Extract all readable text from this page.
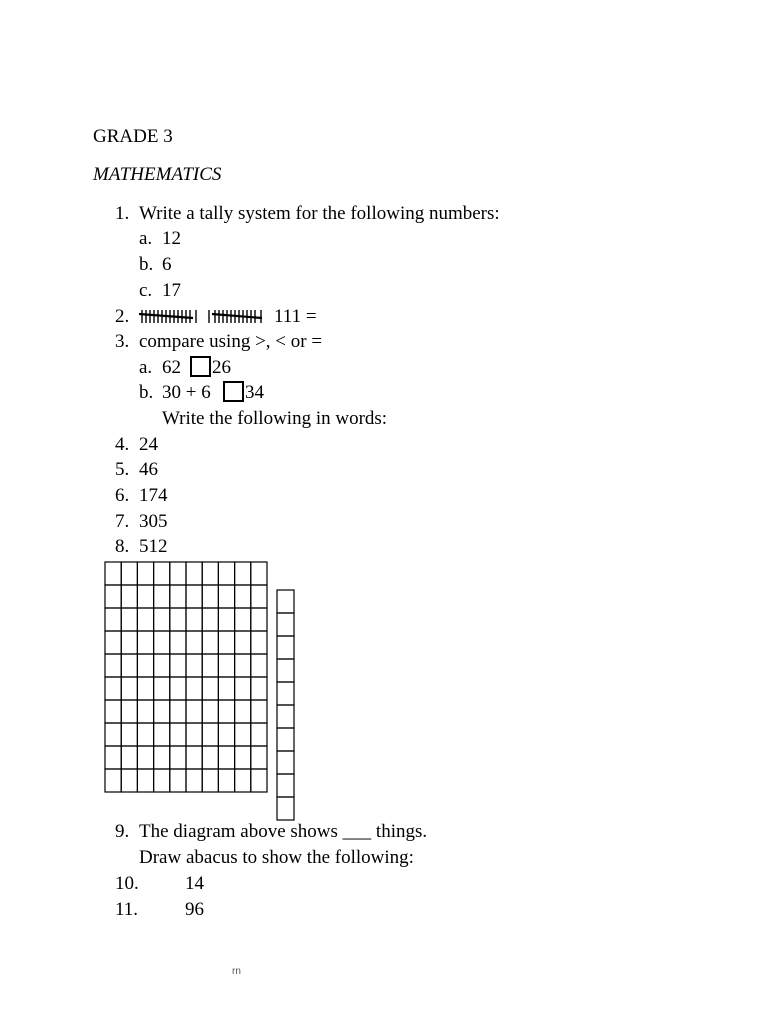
GRADE 3
MATHEMATICS
1. Write a tally system for the following numbers:
a. 12
b. 6
c. 17
2.	111 =
3. compare using >, < or =
a. 62 26
b. 30 + 6 34
Write the following in words:
4. 24
5. 46
6. 174
7. 305
8. 512
9. The diagram above shows ___ things.
Draw abacus to show the following:
10. 14
11. 96
rn
